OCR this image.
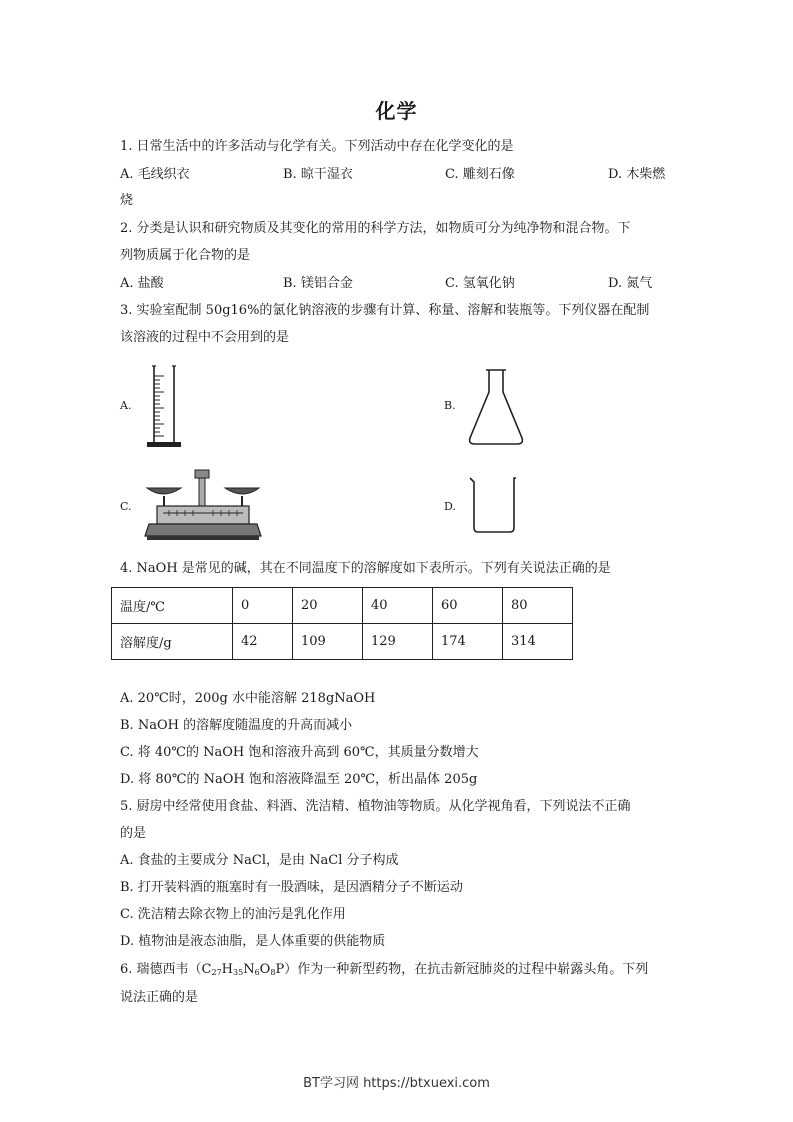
化学
1. 日常生活中的许多活动与化学有关。下列活动中存在化学变化的是
A. 毛线织衣	B. 晾干湿衣	C. 雕刻石像	D. 木柴燃
烧
2. 分类是认识和研究物质及其变化的常用的科学方法，如物质可分为纯净物和混合物。下
列物质属于化合物的是
A. 盐酸	B. 镁铝合金	C. 氢氧化钠	D. 氮气
3. 实验室配制 50g16%的氯化钠溶液的步骤有计算、称量、溶解和装瓶等。下列仪器在配制
该溶液的过程中不会用到的是
A.	B.
C.	D.
4. NaOH 是常见的碱，其在不同温度下的溶解度如下表所示。下列有关说法正确的是
温度/℃	0	20	40	60	80
溶解度/g	42	109	129	174	314
A. 20℃时，200g 水中能溶解 218gNaOH
B. NaOH 的溶解度随温度的升高而减小
C. 将 40℃的 NaOH 饱和溶液升高到 60℃，其质量分数增大
D. 将 80℃的 NaOH 饱和溶液降温至 20℃，析出晶体 205g
5. 厨房中经常使用食盐、料酒、洗洁精、植物油等物质。从化学视角看，下列说法不正确
的是
A. 食盐的主要成分 NaCl，是由 NaCl 分子构成
B. 打开装料酒的瓶塞时有一股酒味，是因酒精分子不断运动
C. 洗洁精去除衣物上的油污是乳化作用
D. 植物油是液态油脂，是人体重要的供能物质
6. 瑞德西韦$(C_{27}H_{35}N_6O_8P)$作为一种新型药物，在抗击新冠肺炎的过程中崭露头角。下列
说法正确的是
BT学习网 https://btxuexi.com
